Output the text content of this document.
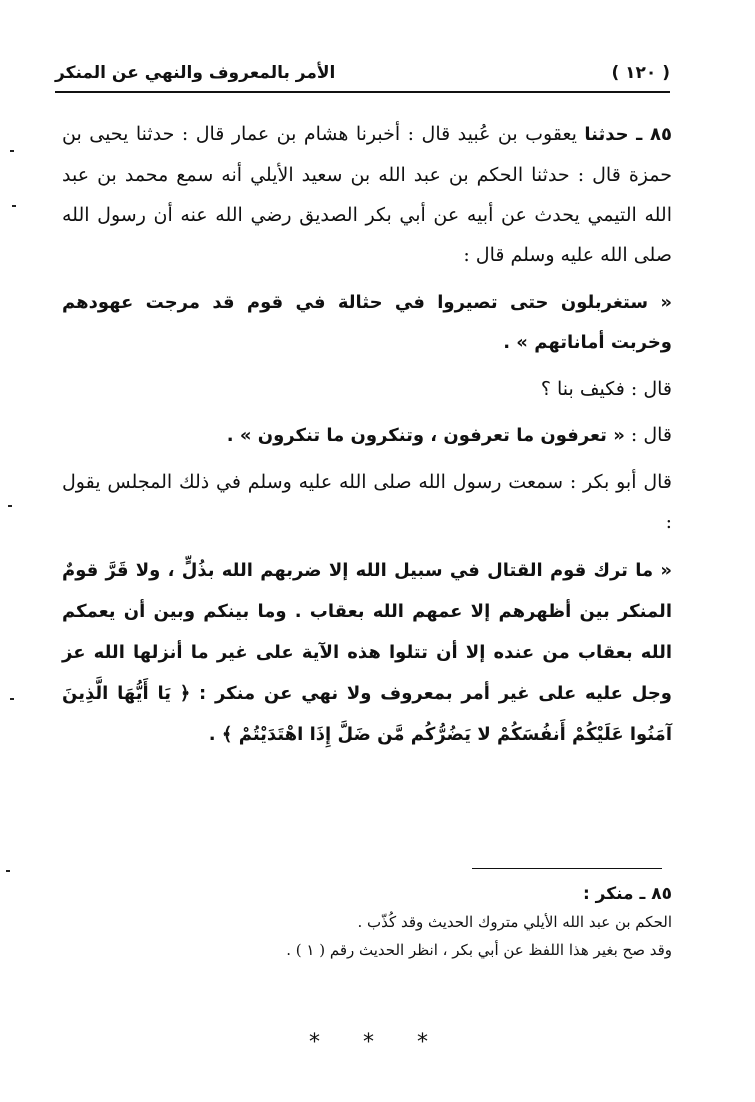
الأمر بالمعروف والنهي عن المنكر	( ١٢٠ )

٨٥ ـ حدثنا يعقوب بن عُبيد قال : أخبرنا هشام بن عمار قال : حدثنا يحيى بن حمزة قال : حدثنا الحكم بن عبد الله بن سعيد الأيلي أنه سمع محمد بن عبد الله التيمي يحدث عن أبيه عن أبي بكر الصديق رضي الله عنه أن رسول الله صلى الله عليه وسلم قال :

« ستغربلون حتى تصيروا في حثالة في قوم قد مرجت عهودهم وخربت أماناتهم » .

قال : فكيف بنا ؟

قال : « تعرفون ما تعرفون ، وتنكرون ما تنكرون » .

قال أبو بكر : سمعت رسول الله صلى الله عليه وسلم في ذلك المجلس يقول :

« ما ترك قوم القتال في سبيل الله إلا ضربهم الله بذُلٍّ ، ولا قَرَّ قومٌ المنكر بين أظهرهم إلا عمهم الله بعقاب . وما بينكم وبين أن يعمكم الله بعقاب من عنده إلا أن تتلوا هذه الآية على غير ما أنزلها الله عز وجل عليه على غير أمر بمعروف ولا نهي عن منكر : ﴿ يَا أَيُّهَا الَّذِينَ آمَنُوا عَلَيْكُمْ أَنفُسَكُمْ لا يَضُرُّكُم مَّن ضَلَّ إِذَا اهْتَدَيْتُمْ ﴾ .

٨٥ ـ منكر :
الحكم بن عبد الله الأيلي متروك الحديث وقد كُذّب .
وقد صح بغير هذا اللفظ عن أبي بكر ، انظر الحديث رقم ( ١ ) .
* * *
